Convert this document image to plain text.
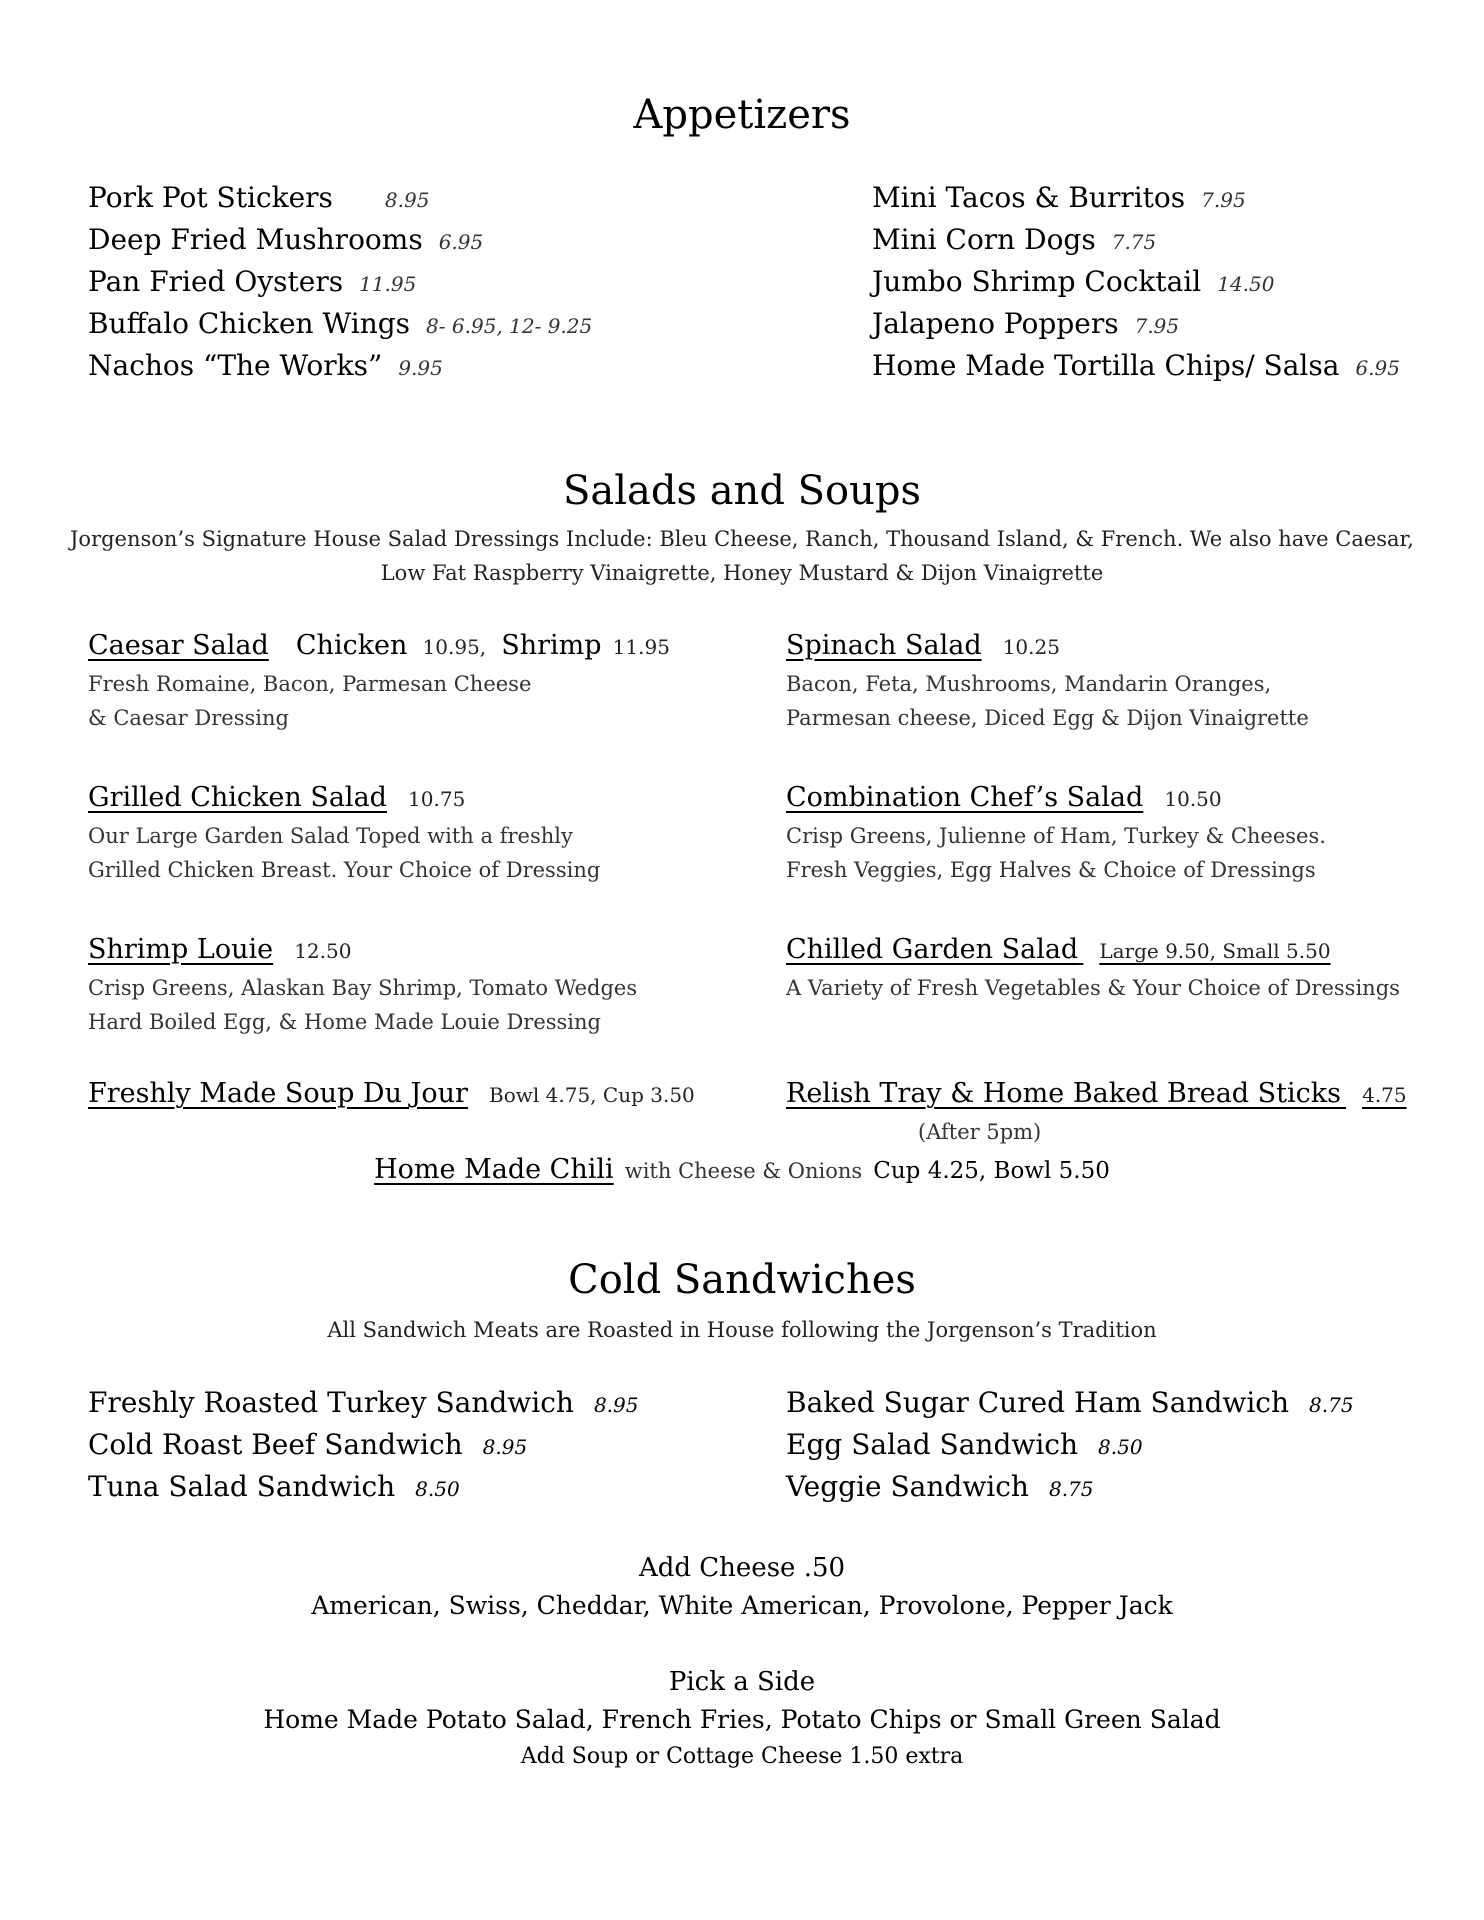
Appetizers
Pork Pot Stickers	8.95
Deep Fried Mushrooms 6.95
Pan Fried Oysters 11.95
Buffalo Chicken Wings 8- 6.95, 12- 9.25
Nachos “The Works” 9.95
Mini Tacos & Burritos 7.95
Mini Corn Dogs 7.75
Jumbo Shrimp Cocktail 14.50
Jalapeno Poppers 7.95
Home Made Tortilla Chips/ Salsa 6.95
Salads and Soups
Jorgenson’s Signature House Salad Dressings Include: Bleu Cheese, Ranch, Thousand Island, & French. We also have Caesar,
Low Fat Raspberry Vinaigrette, Honey Mustard & Dijon Vinaigrette
Caesar Salad Chicken 10.95, Shrimp 11.95
Fresh Romaine, Bacon, Parmesan Cheese
& Caesar Dressing
Spinach Salad 10.25
Bacon, Feta, Mushrooms, Mandarin Oranges,
Parmesan cheese, Diced Egg & Dijon Vinaigrette
Grilled Chicken Salad 10.75
Our Large Garden Salad Toped with a freshly
Grilled Chicken Breast. Your Choice of Dressing
Combination Chef’s Salad 10.50
Crisp Greens, Julienne of Ham, Turkey & Cheeses.
Fresh Veggies, Egg Halves & Choice of Dressings
Shrimp Louie 12.50
Crisp Greens, Alaskan Bay Shrimp, Tomato Wedges
Hard Boiled Egg, & Home Made Louie Dressing
Chilled Garden Salad Large 9.50, Small 5.50
A Variety of Fresh Vegetables & Your Choice of Dressings
Freshly Made Soup Du Jour Bowl 4.75, Cup 3.50	Relish Tray & Home Baked Bread Sticks 4.75
(After 5pm)
Home Made Chili with Cheese & Onions Cup 4.25, Bowl 5.50
Cold Sandwiches
All Sandwich Meats are Roasted in House following the Jorgenson’s Tradition
Freshly Roasted Turkey Sandwich 8.95
Cold Roast Beef Sandwich 8.95
Tuna Salad Sandwich 8.50
Baked Sugar Cured Ham Sandwich 8.75
Egg Salad Sandwich 8.50
Veggie Sandwich 8.75
Add Cheese .50
American, Swiss, Cheddar, White American, Provolone, Pepper Jack
Pick a Side
Home Made Potato Salad, French Fries, Potato Chips or Small Green Salad
Add Soup or Cottage Cheese 1.50 extra
